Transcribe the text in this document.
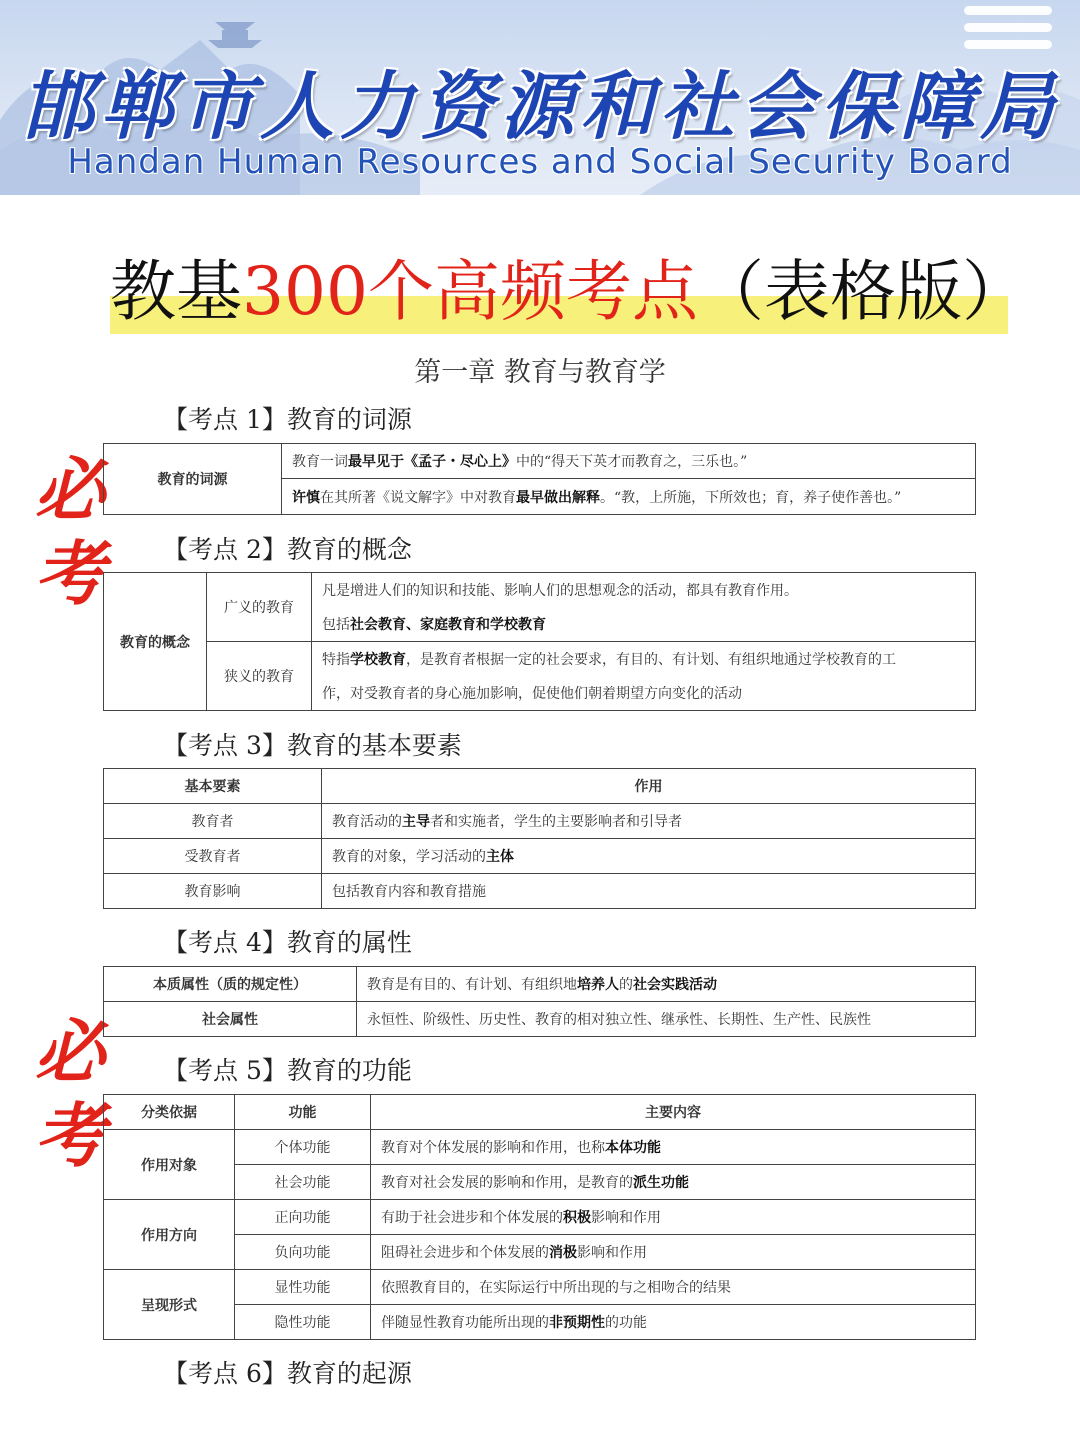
邯郸市人力资源和社会保障局
Handan Human Resources and Social Security Board
教基300个高频考点（表格版）
第一章 教育与教育学
必
考
必
考
【考点 1】教育的词源
教育的词源	教育一词最早见于《孟子・尽心上》中的“得天下英才而教育之，三乐也。”
许慎在其所著《说文解字》中对教育最早做出解释。“教，上所施，下所效也；育，养子使作善也。”
【考点 2】教育的概念
教育的概念	广义的教育	凡是增进人们的知识和技能、影响人们的思想观念的活动，都具有教育作用。
		包括社会教育、家庭教育和学校教育
	狭义的教育	特指学校教育，是教育者根据一定的社会要求，有目的、有计划、有组织地通过学校教育的工
		作，对受教育者的身心施加影响，促使他们朝着期望方向变化的活动
【考点 3】教育的基本要素
基本要素	作用
教育者	教育活动的主导者和实施者，学生的主要影响者和引导者
受教育者	教育的对象，学习活动的主体
教育影响	包括教育内容和教育措施
【考点 4】教育的属性
本质属性（质的规定性）	教育是有目的、有计划、有组织地培养人的社会实践活动
社会属性	永恒性、阶级性、历史性、教育的相对独立性、继承性、长期性、生产性、民族性
【考点 5】教育的功能
分类依据	功能	主要内容
作用对象	个体功能	教育对个体发展的影响和作用，也称本体功能
	社会功能	教育对社会发展的影响和作用，是教育的派生功能
作用方向	正向功能	有助于社会进步和个体发展的积极影响和作用
	负向功能	阻碍社会进步和个体发展的消极影响和作用
呈现形式	显性功能	依照教育目的，在实际运行中所出现的与之相吻合的结果
	隐性功能	伴随显性教育功能所出现的非预期性的功能
【考点 6】教育的起源
